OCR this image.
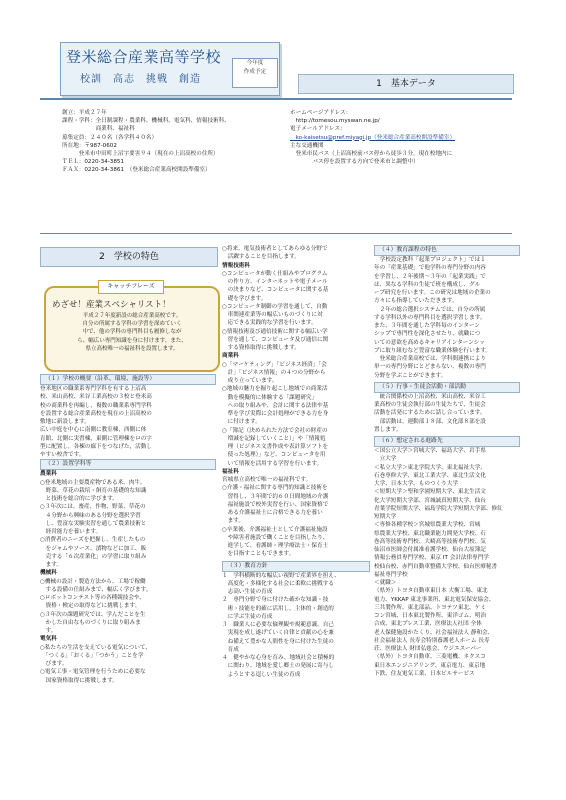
登米総合産業高等学校
校訓　高志　挑戦　創造
今年度
作成予定
1　基本データ
創立：平成２７年
課程・学科：全日制課程・農業科、機械科、電気科、情報技術科、
　　　　　　商業科、福祉科
募集定員：２４０名（各学科４０名）
所在地：〒987-0602
　　　登米市中田町上沼字要害９４（現在の上沼高校の住所）
ＴＥＬ：0220-34-3851
ＦＡＸ：0220-34-3861　（登米総合産業高校開設準備室）
ホームページアドレス：
　http://tomesou.myswan.ne.jp/
電子メールアドレス：
　ko-kaisetsu@pref.miyagi.jp（登米総合産業高校開設準備室）
主な交通機関
　登米市民バス（上沼高校前バス停から徒歩３分，現在校地内に
　　　　バス停を設置する方向で登米市と調整中）
2　学校の特色
キャッチフレーズ
めざせ！産業スペシャリスト！
平成２７年度新設の総合産業高校です。
自分の所属する学科の学習を深めていく
中で、他の学科の専門科目も履修しなが
ら、幅広い専門知識を身に付けます。また、
県立高校唯一の福祉科を設置します。
（１）学校の概要（沿革、環境、施設等）

登米地区の職業系専門学科を有する上沼高

校、米山高校、米谷工業高校の３校と登米高

校の商業科を再編し，複数の職業系専門学科

を設置する総合産業高校を現在の上沼高校の

敷地に新設します。

広い中庭を中心に南側に教室棟，西側に体

育館、北側に実習棟，東側に管理棟をロの字

型に配置し，各棟の廊下をつなげた，活動し

やすい校舎です。

（２）設置学科等

農業科

○登米地域の主要農産物である米、肉牛、

　野菜、草花の栽培・飼育の基礎的な知識

　と技術を総合的に学びます。

○３年次には、畜産、作物、野菜、草花の

　４分野から興味のある分野を選択学習

　し、豊富な実験実習を通して農業技術と

　経営能力を養います。

○消費者のニーズを把握し、生産したもの

　をジャムやソース、漬物などに加工、販

　売する「６次産業化」の学習に取り組み

　ます。

機械科

○機械の設計・製造方法から、工場で稼働

　する設備の仕組みまで、幅広く学びます。

○ロボットコンテスト等の各種競技会や、

　資格・検定の取得などに挑戦します。

○３年次の課題研究では、学んだことを生

　かした自由なものづくりに取り組みま

　す。

電気科

○私たちの生活を支えている電気について、

　「つくる」「おくる」「つかう」ことを学

　びます。

○電気工事・電気管理を行うために必要な

　国家資格取得に挑戦します。

○将来、電気技術者としてあらゆる分野で

　活躍することを目指します。

情報技術科

○コンピュータが動く仕組みやプログラム

　の作り方、インターネットや電子メール

　の決まりなど、コンピュータに関する基

　礎を学びます。

○コンピュータ制御の学習を通して、自動

　車関連産業等の幅広いものづくりに対

　応できる実践的な学習を行います。

○情報技術及び通信技術に関する幅広い学

　習を通して、コンピュータ及び通信に関

　する資格取得に挑戦します。

商業科

○「マーケティング」「ビジネス経済」「会

　計」「ビジネス情報」の４つの分野から

　成り立っています。

○地域の魅力を掘り起こし地域での商業活

　動を模擬的に体験する「課題研究」

　への取り組みや、会計に関する法律や基

　準を学び実際に会計処理ができる力を身

　に付けます。

○「簿記（決められた方法で会社の財産の

　増減を記録していくこと）」や「情報処

　理（ビジネス文書作成や表計算ソフトを

　使った処理）」など、コンピュータを用

　いて情報を活用する学習を行います。

福祉科

宮城県立高校で唯一の福祉科です。

○介護・福祉に関する専門的知識と技術を

　習得し、３年間で約６０日間地域の介護

　福祉施設で校外実習を行い、国家資格で

　ある介護福祉士に合格できる力を養い

　ます。

○卒業後、介護福祉士として介護福祉施設

　や障害者施設で働くことを目指したり、

　進学して、看護師・理学療法士・保育士

　を目指すこともできます。

（３）教育方針

１　学科横断的な幅広い視野で産業界を担え、

　高度化・多様化する社会に柔軟に挑戦する

　志高い生徒の育成

２　専門分野で身に付けた確かな知識・技

　術・技能を的確に活用し、主体的・創造的

　に学ぶ生徒の育成

３　職業人に必要な倫理観や規範意識、自己

　実現を成し遂げていく自律と貢献の心を兼

　ね備えて豊かな人間性を身に付けた生徒の

　育成

４　健やかな心身を育み、地域社会と積極的

　に関わり、地域を愛し郷土の発展に寄与し

　ようとする逞しい生徒の育成

（４）教育課程の特色

　学校設定教科「起業プロジェクト」では１

年の「産業基礎」で他学科の専門分野の内容

を学習し、２年後期～３年の「起業実践」で

は、異なる学科の生徒で班を構成し、グル

ープ研究を行います。この研究は地域の企業の

方々にも指導していただきます。

　２年の総合選択システムでは、自分の所属

する学科以外の専門科目を選択学習します。

また、３年間を通した学科毎のインターン

シップで専門性を深化させたり、就職につ

いての意欲を高めるキャリアインターンシッ

プに取り組むなど豊富な職業体験を行います。

　登米総合産業高校では、学科間連携により

単一の専門分野にとどまらない、複数の専門

分野を学ぶことができます。

（５）行事・生徒会活動・部活動

　統合関係校の上沼高校、米山高校、米谷工

業高校の生徒会執行部の生徒たちで、生徒会

活動を活発にするために話し合っています。

　部活動は、運動部１８部、文化部８部を設

置します。

（６）想定される進路先

＜国公立大学＞宮城大学、福島大学、岩手県

　立大学

＜私立大学＞東北学院大学、東北福祉大学、

石巻専修大学、東北工業大学、東北生活文化

大学、日本大学、ものつくり大学

＜短期大学＞聖和学園短期大学、東北生活文

化大学短期大学部、宮城誠真短期大学、仙台

青葉学院短期大学、福島学院大学短期大学部、修紅

短期大学

＜専修各種学校＞宮城県農業大学校、宮城

県農業大学校、東北職業能力開発大学校、石

巻高等技術専門校、大崎高等技術専門校、気

仙沼市医師会付属准看護学校、仙台大原簿記

情報公務員専門学校、東京 IT 会計法律専門学

校仙台校、赤門自動車整備大学校、仙台医療秘書

福祉専門学校

＜就職＞

（県外）トヨタ自動車東日本 大衡工場、東北

電力、YKKAP 東北事業所、東北電気保安協会、

三共製作所、東北部品、トヨテツ東北、ケミ

コン宮城、日本東北製作所、東洋ゴム、明治

合成、東北プレス工業、医療法人社団 全体

老人保健施設かたくり、社会福祉法人 静和会、

社会福祉法人 長寿会特別養護老人ホーム 長寿

荘、医療法人 財団弘慈会、ウジエスーパー

（県外）トヨタ自動車、三菱電機、ネクスコ

東日本エンジニアリング、東京電力、東京地

下鉄、住友電気工業、日本ピルサービス
